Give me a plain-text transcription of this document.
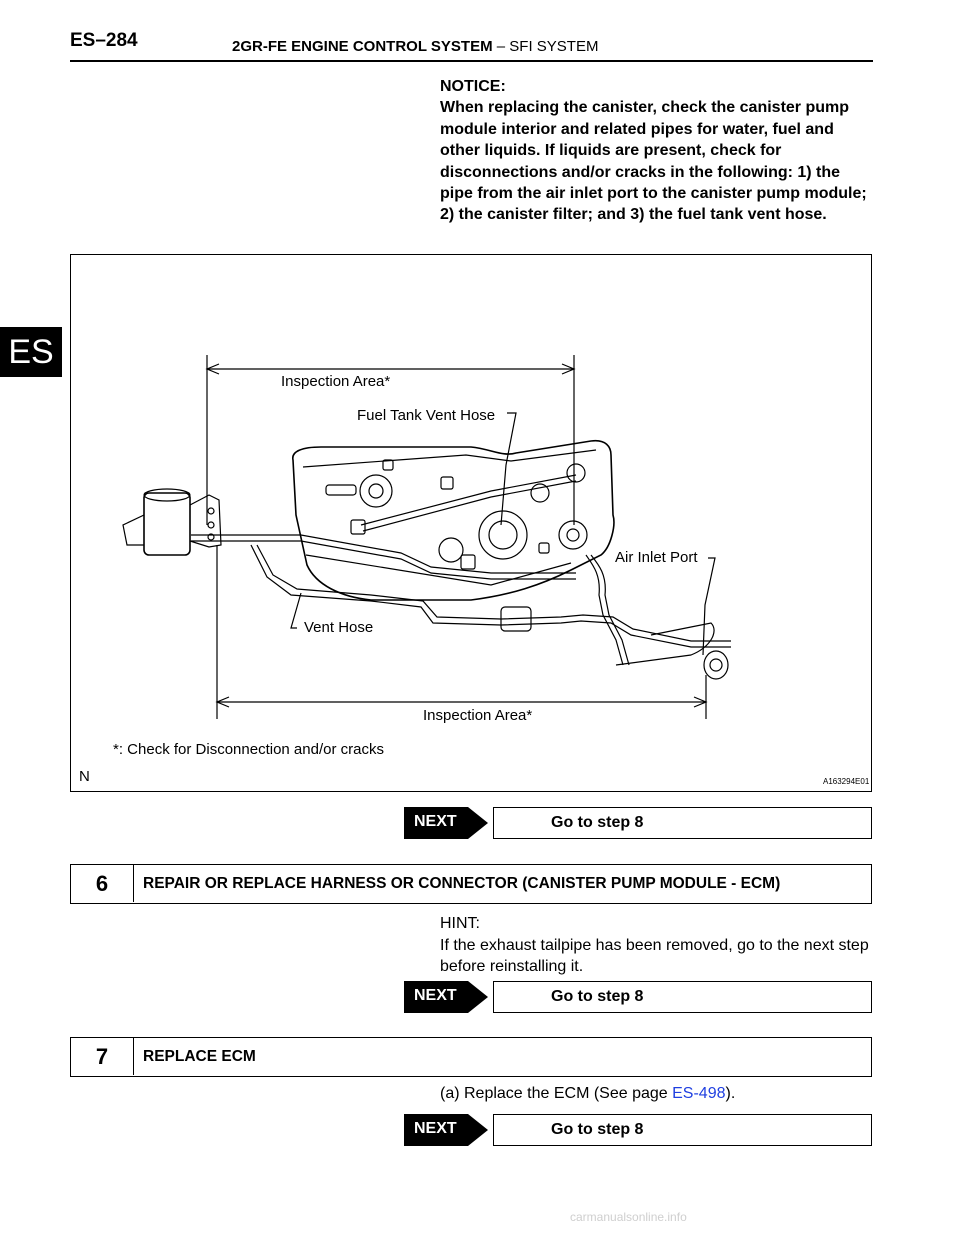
ES–284	2GR-FE ENGINE CONTROL SYSTEM – SFI SYSTEM
ES

NOTICE:

When replacing the canister, check the canister pump module interior and related pipes for water, fuel and other liquids. If liquids are present, check for disconnections and/or cracks in the following: 1) the pipe from the air inlet port to the canister pump module; 2) the canister filter; and 3) the fuel tank vent hose.

Inspection Area*
Fuel Tank Vent Hose
Air Inlet Port
Vent Hose
Inspection Area*
*: Check for Disconnection and/or cracks
N	A163294E01
NEXT	Go to step 8
6	REPAIR OR REPLACE HARNESS OR CONNECTOR (CANISTER PUMP MODULE - ECM)

HINT:

If the exhaust tailpipe has been removed, go to the next step before reinstalling it.

NEXT	Go to step 8
7	REPLACE ECM
(a) Replace the ECM (See page ES-498).
NEXT	Go to step 8
carmanualsonline.info
